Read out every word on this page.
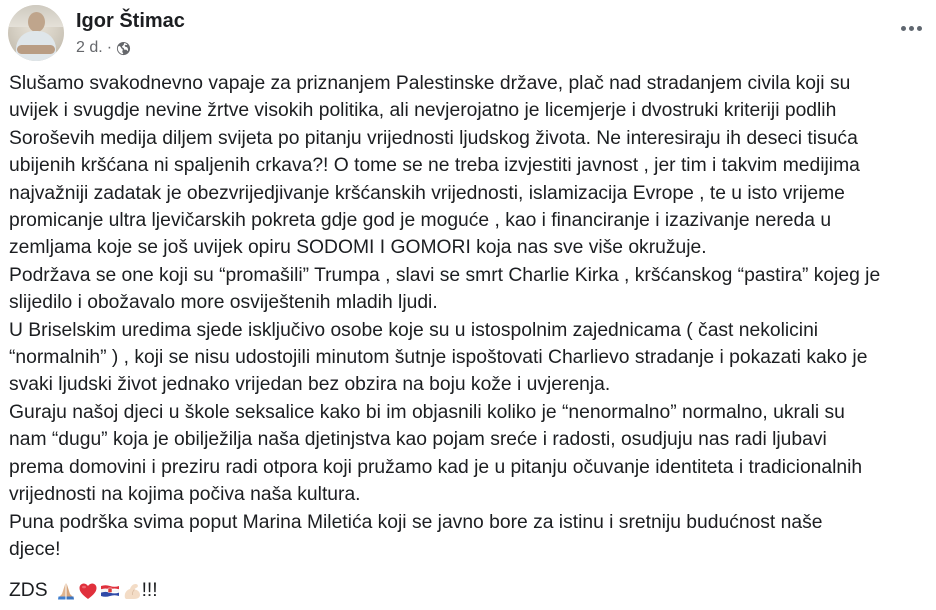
Igor Štimac
2 d. ·
Slušamo svakodnevno vapaje za priznanjem Palestinske države, plač nad stradanjem civila koji su
uvijek i svugdje nevine žrtve visokih politika, ali nevjerojatno je licemjerje i dvostruki kriteriji podlih
Soroševih medija diljem svijeta po pitanju vrijednosti ljudskog života. Ne interesiraju ih deseci tisuća
ubijenih kršćana ni spaljenih crkava?! O tome se ne treba izvjestiti javnost , jer tim i takvim medijima
najvažniji zadatak je obezvrijedjivanje kršćanskih vrijednosti, islamizacija Evrope , te u isto vrijeme
promicanje ultra ljevičarskih pokreta gdje god je moguće , kao i financiranje i izazivanje nereda u
zemljama koje se još uvijek opiru SODOMI I GOMORI koja nas sve više okružuje.
Podržava se one koji su “promašili” Trumpa , slavi se smrt Charlie Kirka , kršćanskog “pastira” kojeg je
slijedilo i obožavalo more osviještenih mladih ljudi.
U Briselskim uredima sjede isključivo osobe koje su u istospolnim zajednicama ( čast nekolicini
“normalnih” ) , koji se nisu udostojili minutom šutnje ispoštovati Charlievo stradanje i pokazati kako je
svaki ljudski život jednako vrijedan bez obzira na boju kože i uvjerenja.
Guraju našoj djeci u škole seksalice kako bi im objasnili koliko je “nenormalno” normalno, ukrali su
nam “dugu” koja je obilježilja naša djetinjstva kao pojam sreće i radosti, osudjuju nas radi ljubavi
prema domovini i preziru radi otpora koji pružamo kad je u pitanju očuvanje identiteta i tradicionalnih
vrijednosti na kojima počiva naša kultura.
Puna podrška svima poput Marina Miletića koji se javno bore za istinu i sretniju budućnost naše
djece!
ZDS	!!!
